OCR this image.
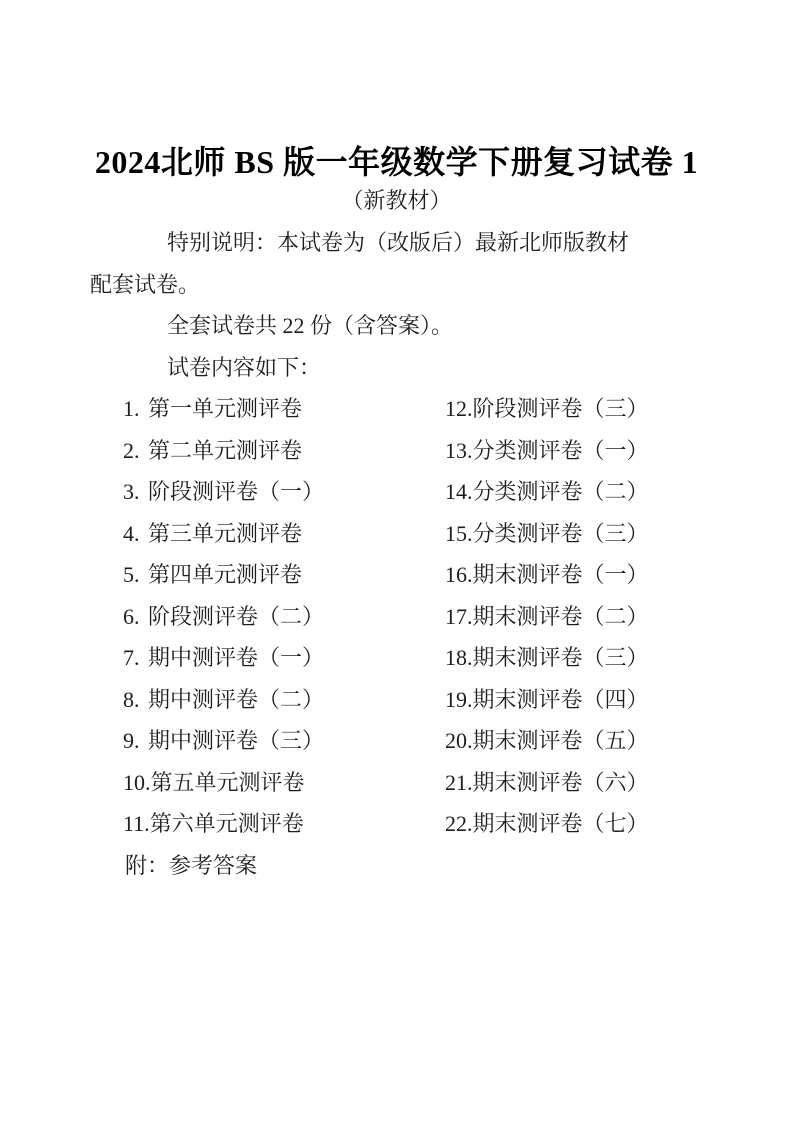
2024北师 BS 版一年级数学下册复习试卷 1
（新教材）
特别说明：本试卷为（改版后）最新北师版教材
配套试卷。
全套试卷共 22 份（含答案）。
试卷内容如下：
1. 第一单元测评卷
2. 第二单元测评卷
3. 阶段测评卷（一）
4. 第三单元测评卷
5. 第四单元测评卷
6. 阶段测评卷（二）
7. 期中测评卷（一）
8. 期中测评卷（二）
9. 期中测评卷（三）
10.第五单元测评卷
11.第六单元测评卷
12.阶段测评卷（三）
13.分类测评卷（一）
14.分类测评卷（二）
15.分类测评卷（三）
16.期末测评卷（一）
17.期末测评卷（二）
18.期末测评卷（三）
19.期末测评卷（四）
20.期末测评卷（五）
21.期末测评卷（六）
22.期末测评卷（七）
附：参考答案
